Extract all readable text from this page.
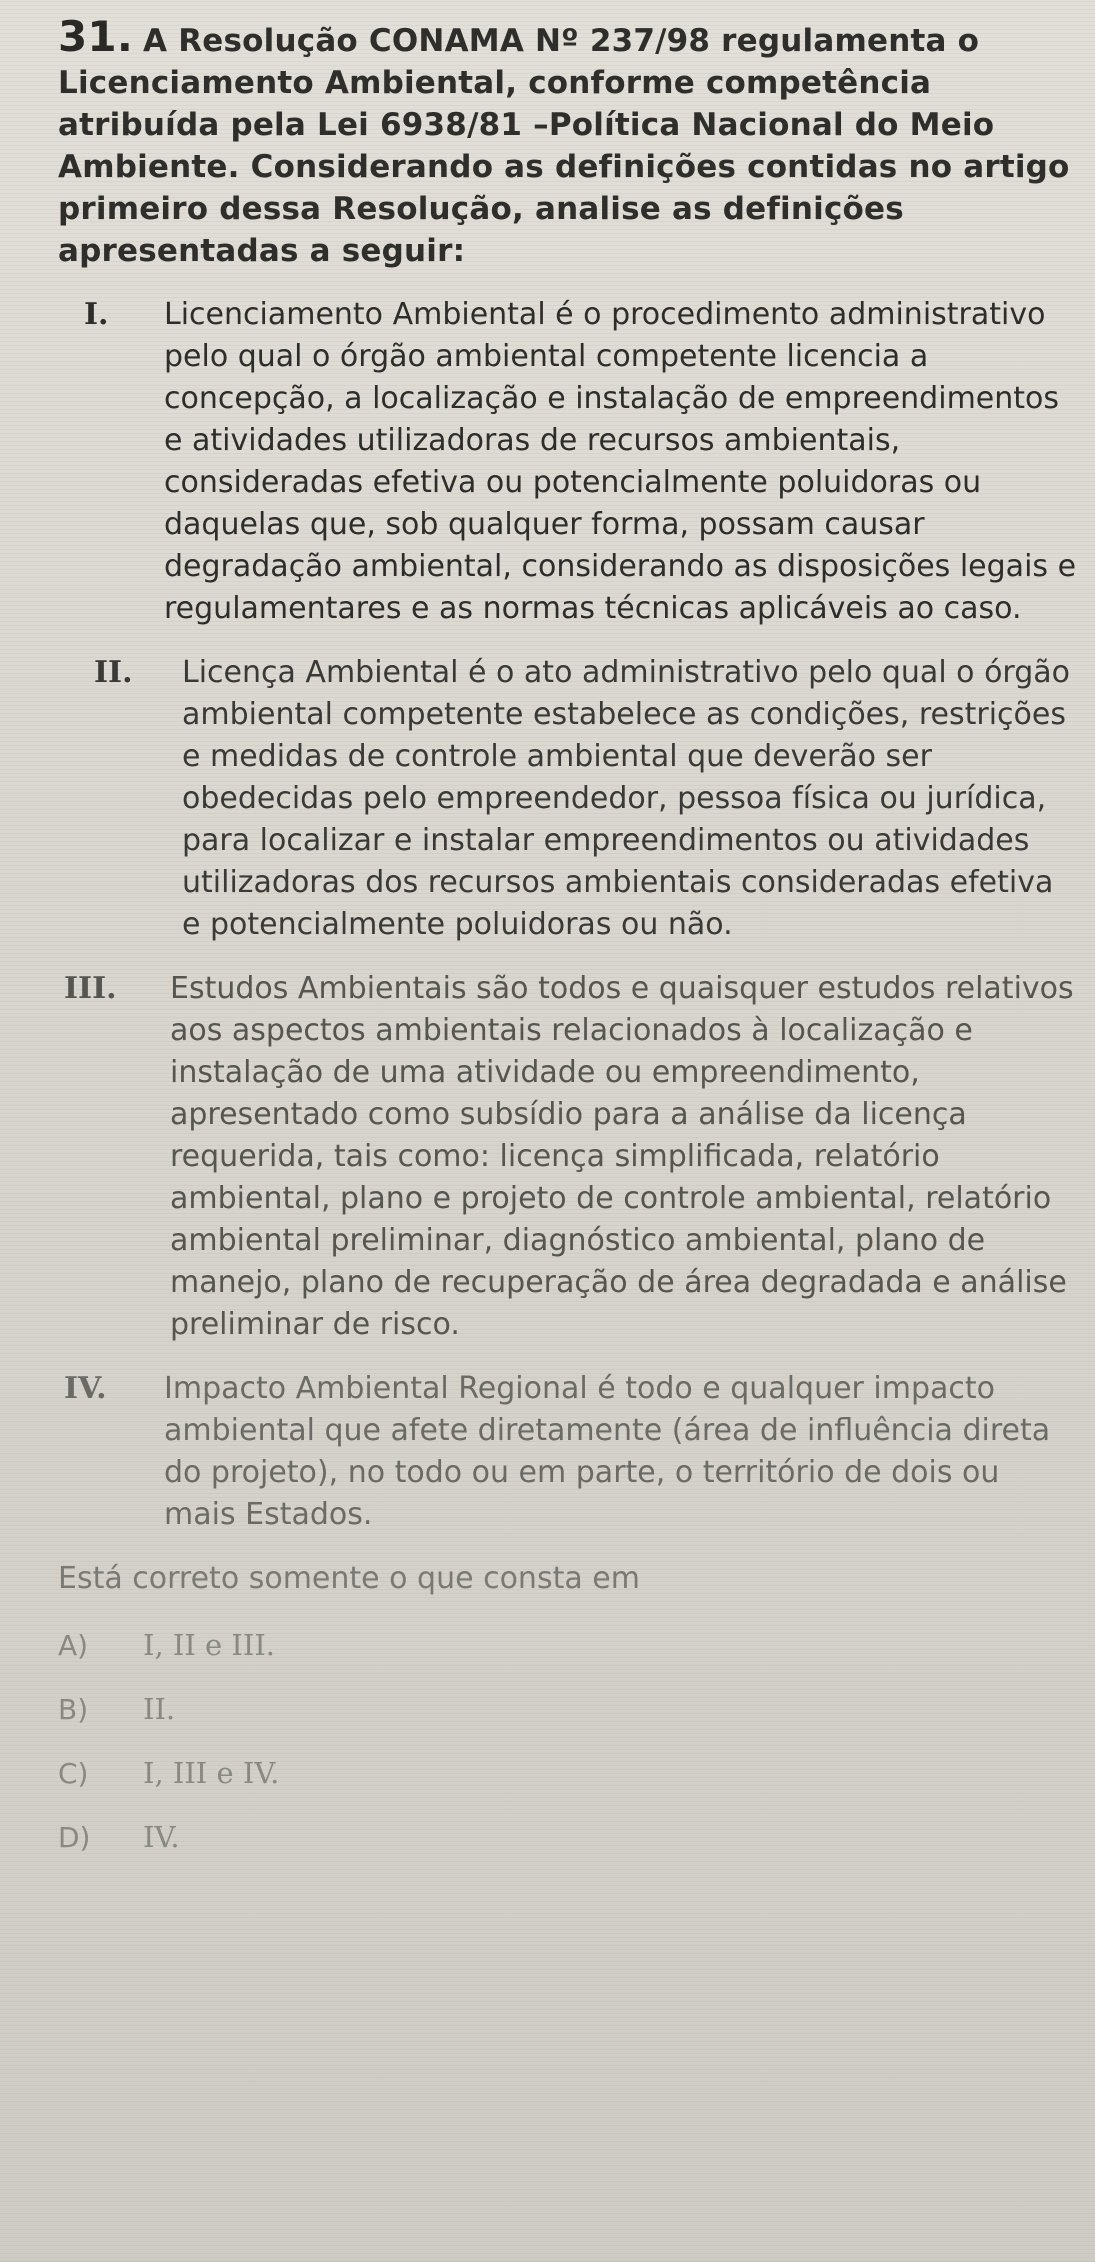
31. A Resolução CONAMA Nº 237/98 regulamenta o Licenciamento Ambiental, conforme competência atribuída pela Lei 6938/81 –Política Nacional do Meio Ambiente. Considerando as definições contidas no artigo primeiro dessa Resolução, analise as definições apresentadas a seguir:
I.	Licenciamento Ambiental é o procedimento administrativo pelo qual o órgão ambiental competente licencia a concepção, a localização e instalação de empreendimentos e atividades utilizadoras de recursos ambientais, consideradas efetiva ou potencialmente poluidoras ou daquelas que, sob qualquer forma, possam causar degradação ambiental, considerando as disposições legais e regulamentares e as normas técnicas aplicáveis ao caso.
II.	Licença Ambiental é o ato administrativo pelo qual o órgão ambiental competente estabelece as condições, restrições e medidas de controle ambiental que deverão ser obedecidas pelo empreendedor, pessoa física ou jurídica, para localizar e instalar empreendimentos ou atividades utilizadoras dos recursos ambientais consideradas efetiva e potencialmente poluidoras ou não.
III.	Estudos Ambientais são todos e quaisquer estudos relativos aos aspectos ambientais relacionados à localização e instalação de uma atividade ou empreendimento, apresentado como subsídio para a análise da licença requerida, tais como: licença simplificada, relatório ambiental, plano e projeto de controle ambiental, relatório ambiental preliminar, diagnóstico ambiental, plano de manejo, plano de recuperação de área degradada e análise preliminar de risco.
IV.	Impacto Ambiental Regional é todo e qualquer impacto ambiental que afete diretamente (área de influência direta do projeto), no todo ou em parte, o território de dois ou mais Estados.
Está correto somente o que consta em
A)	I, II e III.
B)	II.
C)	I, III e IV.
D)	IV.
